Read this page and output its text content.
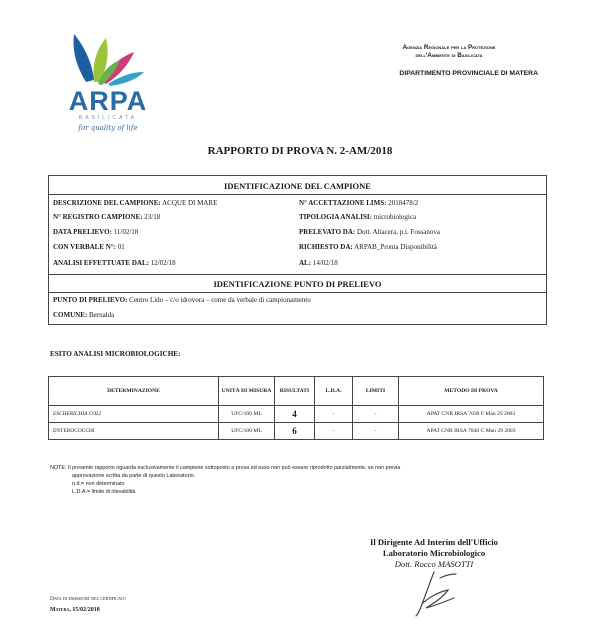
ARPA
BASILICATA
for quality of life
Agenzia Regionale per la Protezione
dell'Ambiente di Basilicata
DIPARTIMENTO PROVINCIALE DI MATERA
RAPPORTO DI PROVA N. 2-AM/2018
IDENTIFICAZIONE DEL CAMPIONE
DESCRIZIONE DEL CAMPIONE: ACQUE DI MARE	N° ACCETTAZIONE LIMS: 2018478/2
N° REGISTRO CAMPIONE: 23/18	TIPOLOGIA ANALISI: microbiologica
DATA PRELIEVO: 11/02/18	PRELEVATO DA: Dott. Altacera, p.i. Fossanova
CON VERBALE N°: 01	RICHIESTO DA: ARPAB_Pronta Disponibilità
ANALISI EFFETTUATE DAL: 12/02/18	AL: 14/02/18
IDENTIFICAZIONE PUNTO DI PRELIEVO
PUNTO DI PRELIEVO: Centro Lido – c/o idrovora – come da verbale di campionamento
COMUNE: Bernalda
ESITO ANALISI MICROBIOLOGICHE:
DETERMINAZIONE	UNITÀ DI MISURA	RISULTATI	L.D.A.	LIMITI	METODO DI PROVA
ESCHERICHIA COLI	UFC/100 ML	4	-	-	APAT CNR IRSA 7030 F Man 29 2003
ENTEROCOCCHI	UFC/100 ML	6	-	-	APAT CNR IRSA 7040 C Man 29 2003
NOTE: Il presente rapporto riguarda esclusivamente il campione sottoposto a prova ed esso non può essere riprodotto parzialmente, se non previa
approvazione scritta da parte di questo Laboratorio.
n.d.= non determinato
L.D.A.= limite di rilevabilità
Il Dirigente Ad Interim dell'Ufficio
Laboratorio Microbiologico
Dott. Rocco MASOTTI
Data di emissione del certificato
Matera, 15/02/2018
